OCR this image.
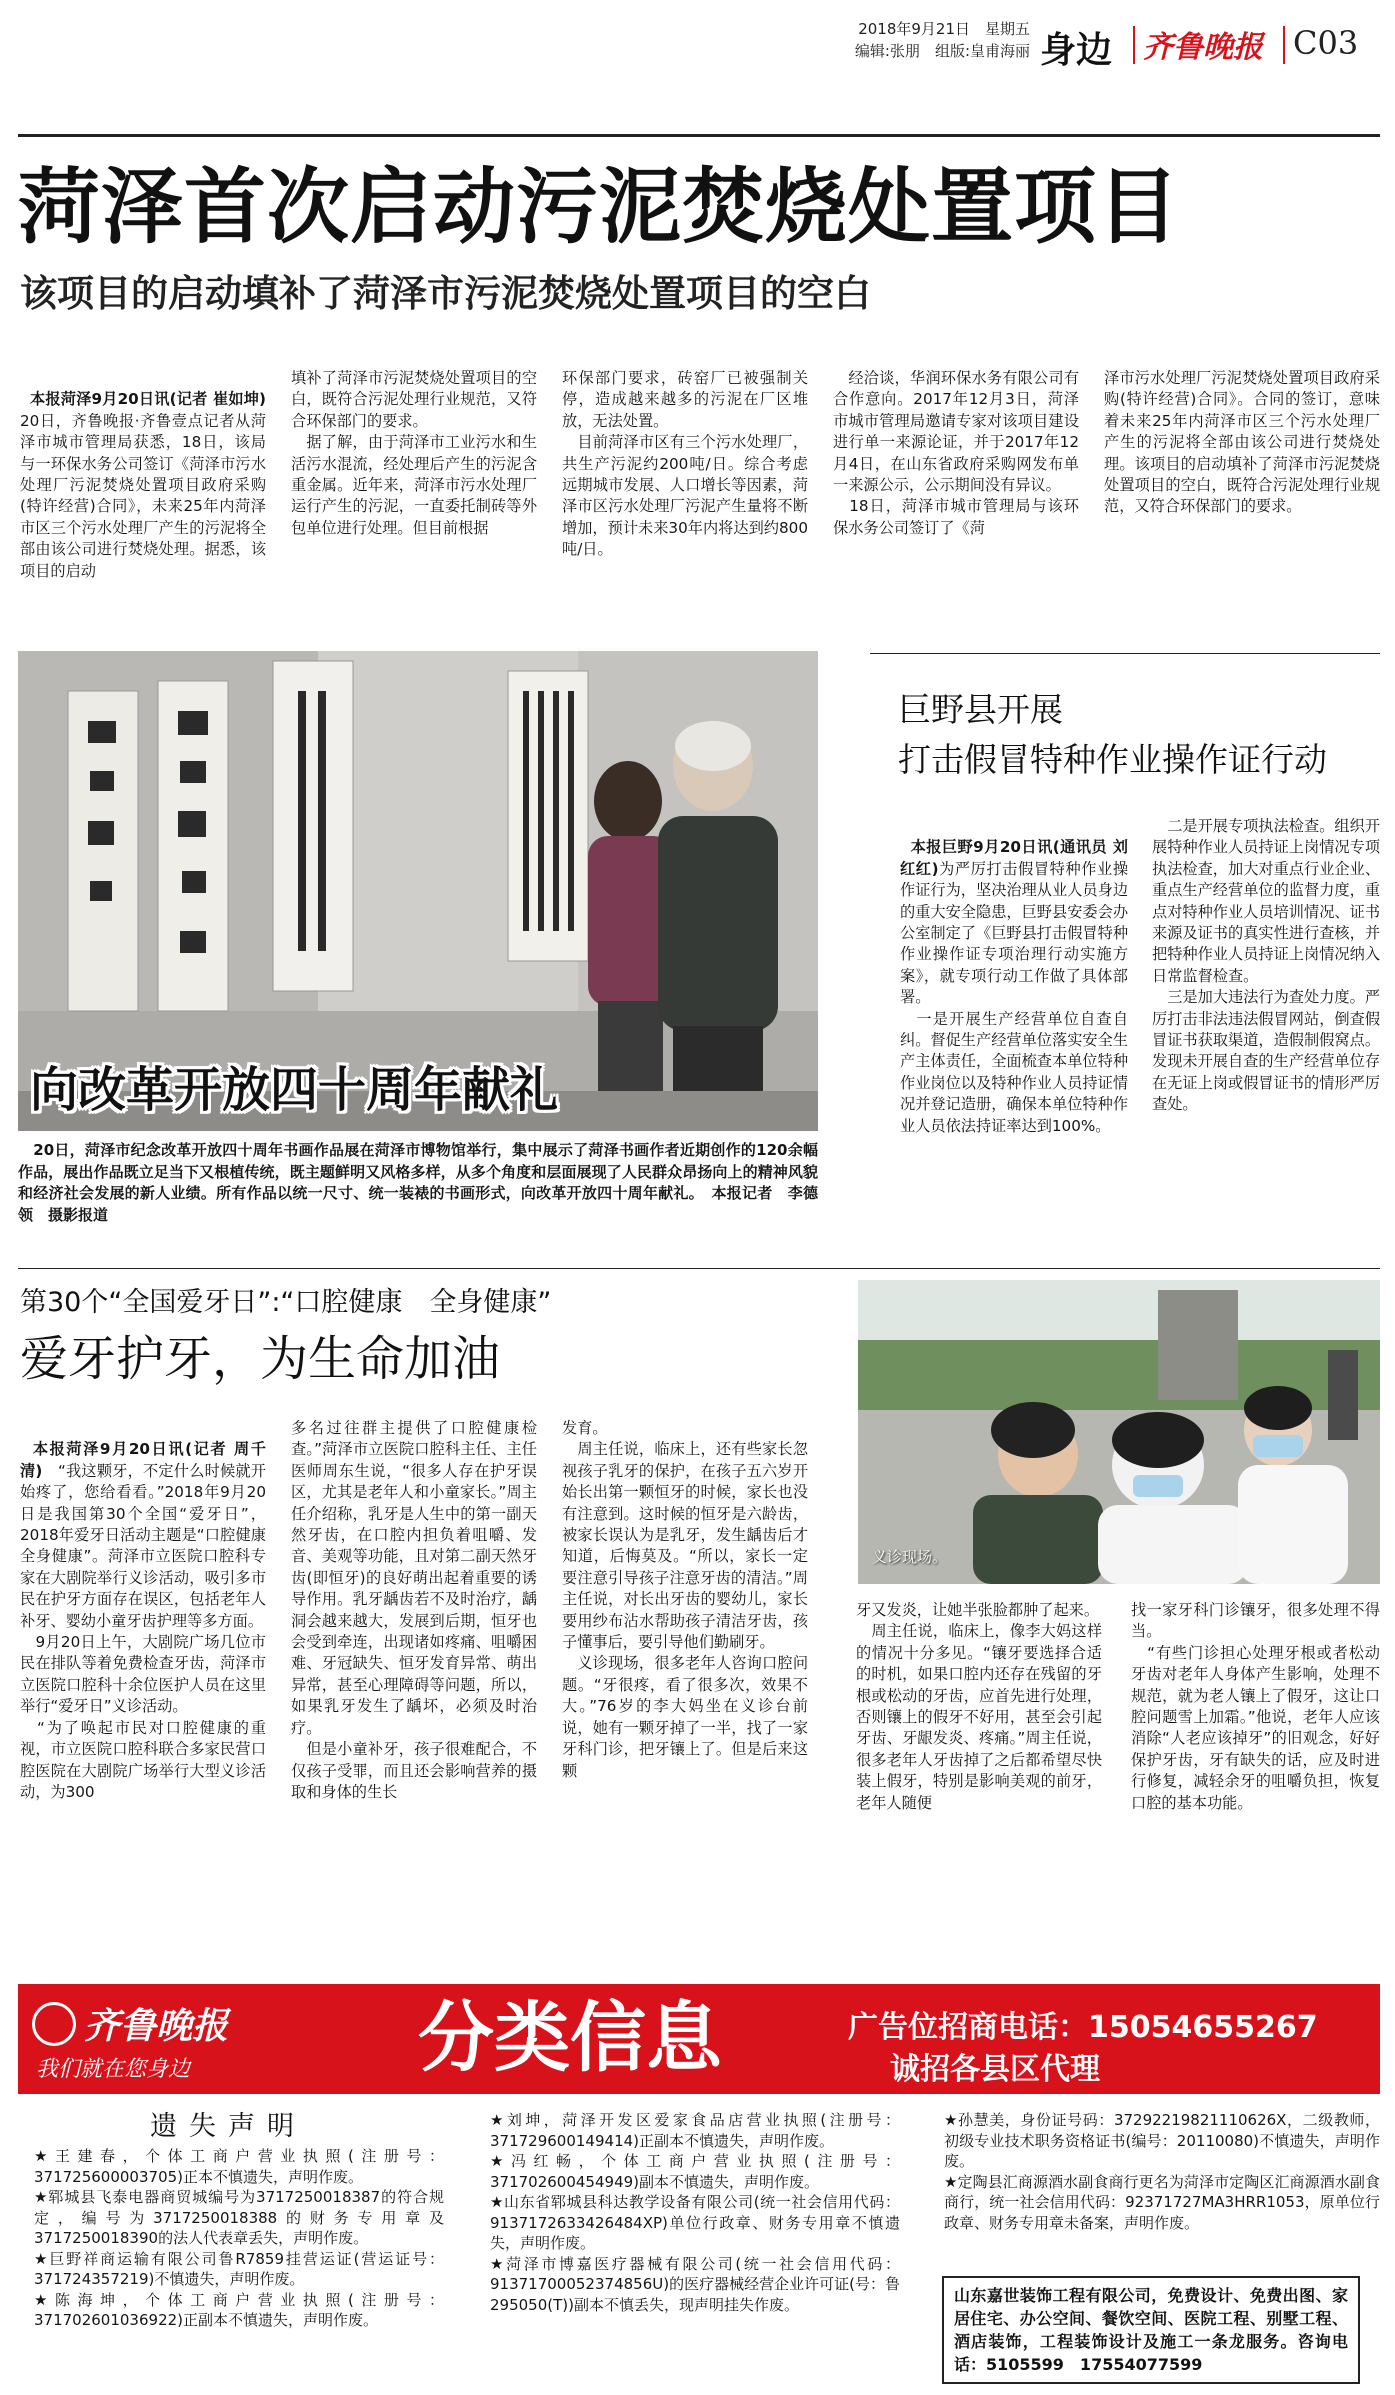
2018年9月21日　星期五
编辑:张朋　组版:皇甫海丽 身边 齐鲁晚报 C03
菏泽首次启动污泥焚烧处置项目
该项目的启动填补了菏泽市污泥焚烧处置项目的空白

本报菏泽9月20日讯(记者 崔如坤)　20日，齐鲁晚报·齐鲁壹点记者从菏泽市城市管理局获悉，18日，该局与一环保水务公司签订《菏泽市污水处理厂污泥焚烧处置项目政府采购(特许经营)合同》，未来25年内菏泽市区三个污水处理厂产生的污泥将全部由该公司进行焚烧处理。据悉，该项目的启动

填补了菏泽市污泥焚烧处置项目的空白，既符合污泥处理行业规范，又符合环保部门的要求。
　据了解，由于菏泽市工业污水和生活污水混流，经处理后产生的污泥含重金属。近年来，菏泽市污水处理厂运行产生的污泥，一直委托制砖等外包单位进行处理。但目前根据
环保部门要求，砖窑厂已被强制关停，造成越来越多的污泥在厂区堆放，无法处置。
　目前菏泽市区有三个污水处理厂，共生产污泥约200吨/日。综合考虑远期城市发展、人口增长等因素，菏泽市区污水处理厂污泥产生量将不断增加，预计未来30年内将达到约800吨/日。
　经洽谈，华润环保水务有限公司有合作意向。2017年12月3日，菏泽市城市管理局邀请专家对该项目建设进行单一来源论证，并于2017年12月4日，在山东省政府采购网发布单一来源公示，公示期间没有异议。
　18日，菏泽市城市管理局与该环保水务公司签订了《菏
泽市污水处理厂污泥焚烧处置项目政府采购(特许经营)合同》。合同的签订，意味着未来25年内菏泽市区三个污水处理厂产生的污泥将全部由该公司进行焚烧处理。该项目的启动填补了菏泽市污泥焚烧处置项目的空白，既符合污泥处理行业规范，又符合环保部门的要求。
向改革开放四十周年献礼
　20日，菏泽市纪念改革开放四十周年书画作品展在菏泽市博物馆举行，集中展示了菏泽书画作者近期创作的120余幅作品，展出作品既立足当下又根植传统，既主题鲜明又风格多样，从多个角度和层面展现了人民群众昂扬向上的精神风貌和经济社会发展的新人业绩。所有作品以统一尺寸、统一装裱的书画形式，向改革开放四十周年献礼。　本报记者　李德领　摄影报道
巨野县开展
打击假冒特种作业操作证行动

本报巨野9月20日讯(通讯员 刘红红)为严厉打击假冒特种作业操作证行为，坚决治理从业人员身边的重大安全隐患，巨野县安委会办公室制定了《巨野县打击假冒特种作业操作证专项治理行动实施方案》，就专项行动工作做了具体部署。
　一是开展生产经营单位自查自纠。督促生产经营单位落实安全生产主体责任，全面梳查本单位特种作业岗位以及特种作业人员持证情况并登记造册，确保本单位特种作业人员依法持证率达到100%。

　二是开展专项执法检查。组织开展特种作业人员持证上岗情况专项执法检查，加大对重点行业企业、重点生产经营单位的监督力度，重点对特种作业人员培训情况、证书来源及证书的真实性进行查核，并把特种作业人员持证上岗情况纳入日常监督检查。
　三是加大违法行为查处力度。严厉打击非法违法假冒网站，倒查假冒证书获取渠道，造假制假窝点。发现未开展自查的生产经营单位存在无证上岗或假冒证书的情形严厉查处。
第30个“全国爱牙日”:“口腔健康　全身健康”
爱牙护牙，为生命加油
义诊现场。

本报菏泽9月20日讯(记者 周千清)　“我这颗牙，不定什么时候就开始疼了，您给看看。”2018年9月20日是我国第30个全国“爱牙日”，2018年爱牙日活动主题是“口腔健康 全身健康”。菏泽市立医院口腔科专家在大剧院举行义诊活动，吸引多市民在护牙方面存在误区，包括老年人补牙、婴幼小童牙齿护理等多方面。
　9月20日上午，大剧院广场几位市民在排队等着免费检查牙齿，菏泽市立医院口腔科十余位医护人员在这里举行“爱牙日”义诊活动。
　“为了唤起市民对口腔健康的重视，市立医院口腔科联合多家民营口腔医院在大剧院广场举行大型义诊活动，为300

多名过往群主提供了口腔健康检查。”菏泽市立医院口腔科主任、主任医师周东生说，“很多人存在护牙误区，尤其是老年人和小童家长。”周主任介绍称，乳牙是人生中的第一副天然牙齿，在口腔内担负着咀嚼、发音、美观等功能，且对第二副天然牙齿(即恒牙)的良好萌出起着重要的诱导作用。乳牙龋齿若不及时治疗，龋洞会越来越大，发展到后期，恒牙也会受到牵连，出现诸如疼痛、咀嚼困难、牙冠缺失、恒牙发育异常、萌出异常，甚至心理障碍等问题，所以，如果乳牙发生了龋坏，必须及时治疗。
　但是小童补牙，孩子很难配合，不仅孩子受罪，而且还会影响营养的摄取和身体的生长
发育。
　周主任说，临床上，还有些家长忽视孩子乳牙的保护，在孩子五六岁开始长出第一颗恒牙的时候，家长也没有注意到。这时候的恒牙是六龄齿，被家长误认为是乳牙，发生龋齿后才知道，后悔莫及。“所以，家长一定要注意引导孩子注意牙齿的清洁。”周主任说，对长出牙齿的婴幼儿，家长要用纱布沾水帮助孩子清洁牙齿，孩子懂事后，要引导他们勤刷牙。
　义诊现场，很多老年人咨询口腔问题。“牙很疼，看了很多次，效果不大。”76岁的李大妈坐在义诊台前说，她有一颗牙掉了一半，找了一家牙科门诊，把牙镶上了。但是后来这颗
牙又发炎，让她半张脸都肿了起来。
　周主任说，临床上，像李大妈这样的情况十分多见。“镶牙要选择合适的时机，如果口腔内还存在残留的牙根或松动的牙齿，应首先进行处理，否则镶上的假牙不好用，甚至会引起牙齿、牙龈发炎、疼痛。”周主任说，很多老年人牙齿掉了之后都希望尽快装上假牙，特别是影响美观的前牙，老年人随便
找一家牙科门诊镶牙，很多处理不得当。
　“有些门诊担心处理牙根或者松动牙齿对老年人身体产生影响，处理不规范，就为老人镶上了假牙，这让口腔问题雪上加霜。”他说，老年人应该消除“人老应该掉牙”的旧观念，好好保护牙齿，牙有缺失的话，应及时进行修复，减轻余牙的咀嚼负担，恢复口腔的基本功能。
齐鲁晚报
我们就在您身边	分类信息	广告位招商电话：15054655267
诚招各县区代理
遗失声明
★王建春，个体工商户营业执照(注册号：371725600003705)正本不慎遗失，声明作废。
★郓城县飞泰电器商贸城编号为3717250018387的符合规定，编号为3717250018388的财务专用章及3717250018390的法人代表章丢失，声明作废。
★巨野祥商运输有限公司鲁R7859挂营运证(营运证号：371724357219)不慎遗失，声明作废。
★陈海坤，个体工商户营业执照(注册号：371702601036922)正副本不慎遗失，声明作废。
★刘坤，菏泽开发区爱家食品店营业执照(注册号：371729600149414)正副本不慎遗失，声明作废。
★冯红畅，个体工商户营业执照(注册号：371702600454949)副本不慎遗失，声明作废。
★山东省郓城县科达教学设备有限公司(统一社会信用代码：913717263342648​4XP)单位行政章、财务专用章不慎遗失，声明作废。
★菏泽市博嘉医疗器械有限公司(统一社会信用代码：91371700052374856U)的医疗器械经营企业许可证(号：鲁295050(T))副本不慎丢失，现声明挂失作废。
★孙慧美，身份证号码：372922198211106​26X，二级教师，初级专业技术职务资格证书(编号：20110080)不慎遗失，声明作废。
★定陶县汇商源酒水副食商行更名为菏泽市定陶区汇商源酒水副食商行，统一社会信用代码：92371727MA3HRR1053，原单位行政章、财务专用章未备案，声明作废。
山东嘉世装饰工程有限公司，免费设计、免费出图、家居住宅、办公空间、餐饮空间、医院工程、别墅工程、酒店装饰，工程装饰设计及施工一条龙服务。咨询电话：5105599　17554077599
